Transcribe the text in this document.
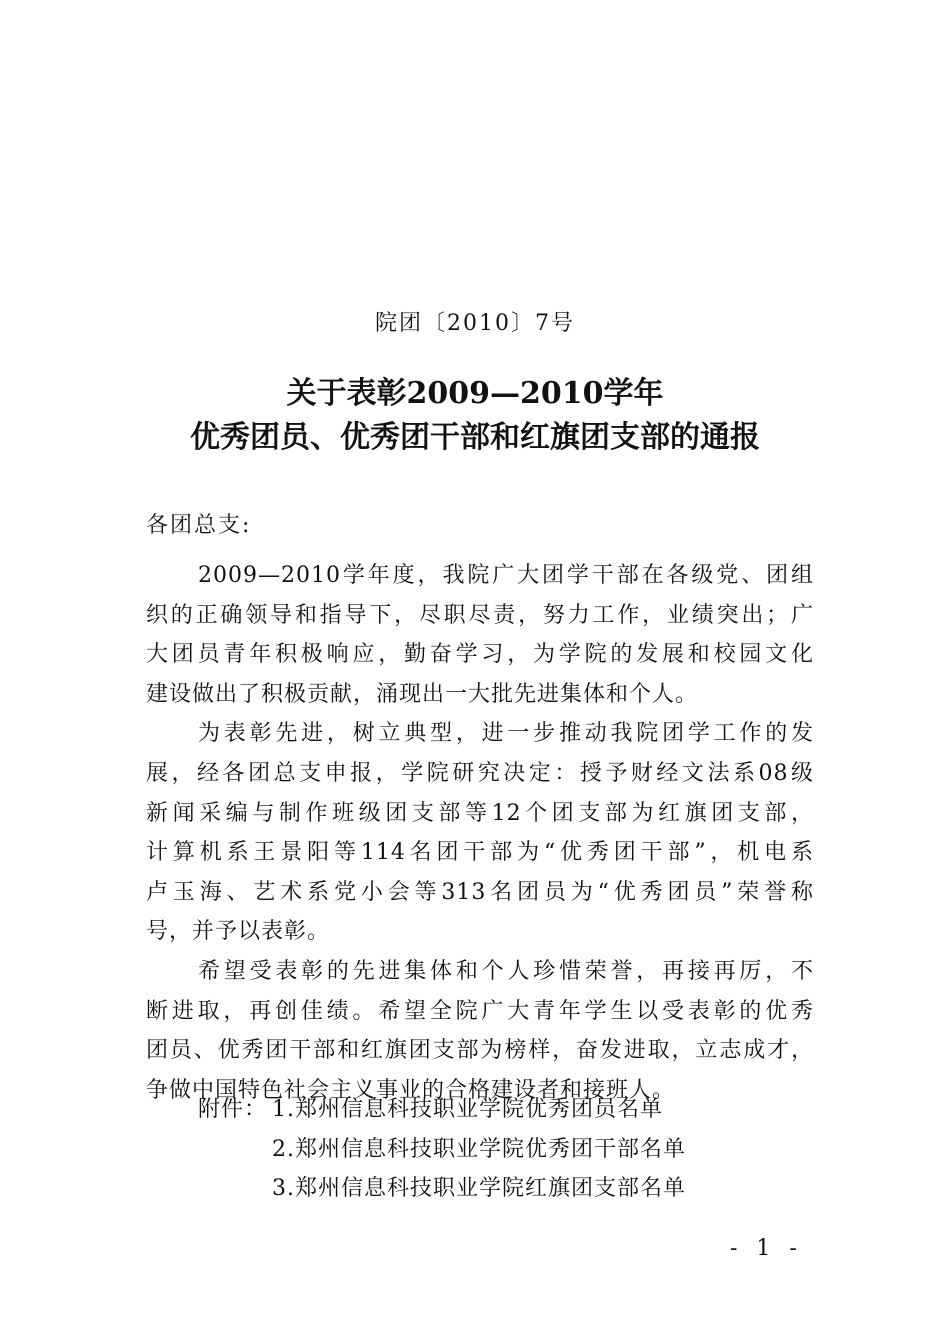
院团〔2010〕7号
关于表彰2009—2010学年
优秀团员、优秀团干部和红旗团支部的通报
各团总支:
2009—2010学年度，我院广大团学干部在各级党、团组
织的正确领导和指导下，尽职尽责，努力工作，业绩突出；广
大团员青年积极响应，勤奋学习，为学院的发展和校园文化
建设做出了积极贡献，涌现出一大批先进集体和个人。
为表彰先进，树立典型，进一步推动我院团学工作的发
展，经各团总支申报，学院研究决定：授予财经文法系08级
新闻采编与制作班级团支部等12个团支部为红旗团支部，
计算机系王景阳等114名团干部为“优秀团干部”，机电系
卢玉海、艺术系党小会等313名团员为“优秀团员”荣誉称
号，并予以表彰。
希望受表彰的先进集体和个人珍惜荣誉，再接再厉，不
断进取，再创佳绩。希望全院广大青年学生以受表彰的优秀
团员、优秀团干部和红旗团支部为榜样，奋发进取，立志成才，
争做中国特色社会主义事业的合格建设者和接班人。
附件： 1.郑州信息科技职业学院优秀团员名单
2.郑州信息科技职业学院优秀团干部名单
3.郑州信息科技职业学院红旗团支部名单
- 1 -
